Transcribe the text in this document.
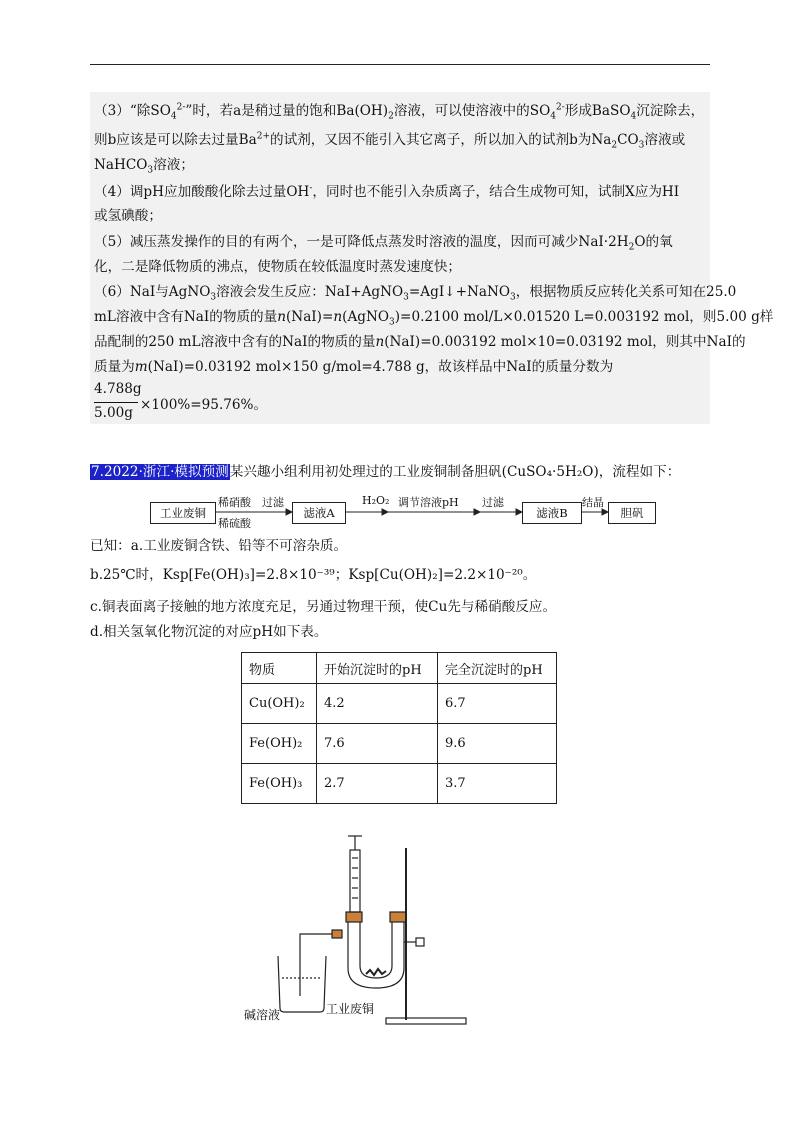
（3）“除$SO_4^{2-}$”时，若a是稍过量的饱和$Ba(OH)_2$溶液，可以使溶液中的$SO_4^{2-}$形成BaSO$_4$沉淀除去，
则b应该是可以除去过量$Ba^{2+}$的试剂，又因不能引入其它离子，所以加入的试剂b为$Na_2CO_3$溶液或
NaHCO$_3$溶液；
（4）调pH应加酸酸化除去过量OH-，同时也不能引入杂质离子，结合生成物可知，试制X应为HI
或氢碘酸；
（5）减压蒸发操作的目的有两个，一是可降低点蒸发时溶液的温度，因而可减少$NaI\cdot 2H_2O$的氧
化，二是降低物质的沸点，使物质在较低温度时蒸发速度快；
（6）NaI与AgNO$_3$溶液会发生反应：NaI+AgNO$_3$=AgI↓+NaNO$_3$，根据物质反应转化关系可知在25.0
mL溶液中含有NaI的物质的量n(NaI)=n(AgNO$_3$)=0.2100 mol/L×0.01520 L=0.003192 mol，则5.00 g样
品配制的250 mL溶液中含有的NaI的物质的量n(NaI)=0.003192 mol×10=0.03192 mol，则其中NaI的
质量为m(NaI)=0.03192 mol×150 g/mol=4.788 g，故该样品中NaI的质量分数为
4.788g
5.00g ×100%=95.76%。
7.2022·浙江·模拟预测某兴趣小组利用初处理过的工业废铜制备胆矾(CuSO₄·5H₂O)，流程如下：
工业废铜
稀硝酸
稀硫酸
过滤
滤液A
H₂O₂ 调节溶液pH 过滤
滤液B
结晶
胆矾
已知：a.工业废铜含铁、铅等不可溶杂质。
b.25℃时，Ksp[Fe(OH)₃]=2.8×10⁻³⁹；Ksp[Cu(OH)₂]=2.2×10⁻²⁰。
c.铜表面离子接触的地方浓度充足，另通过物理干预，使Cu先与稀硝酸反应。
d.相关氢氧化物沉淀的对应pH如下表。
物质	开始沉淀时的pH	完全沉淀时的pH
Cu(OH)₂	4.2	6.7
Fe(OH)₂	7.6	9.6
Fe(OH)₃	2.7	3.7
碱溶液	工业废铜
